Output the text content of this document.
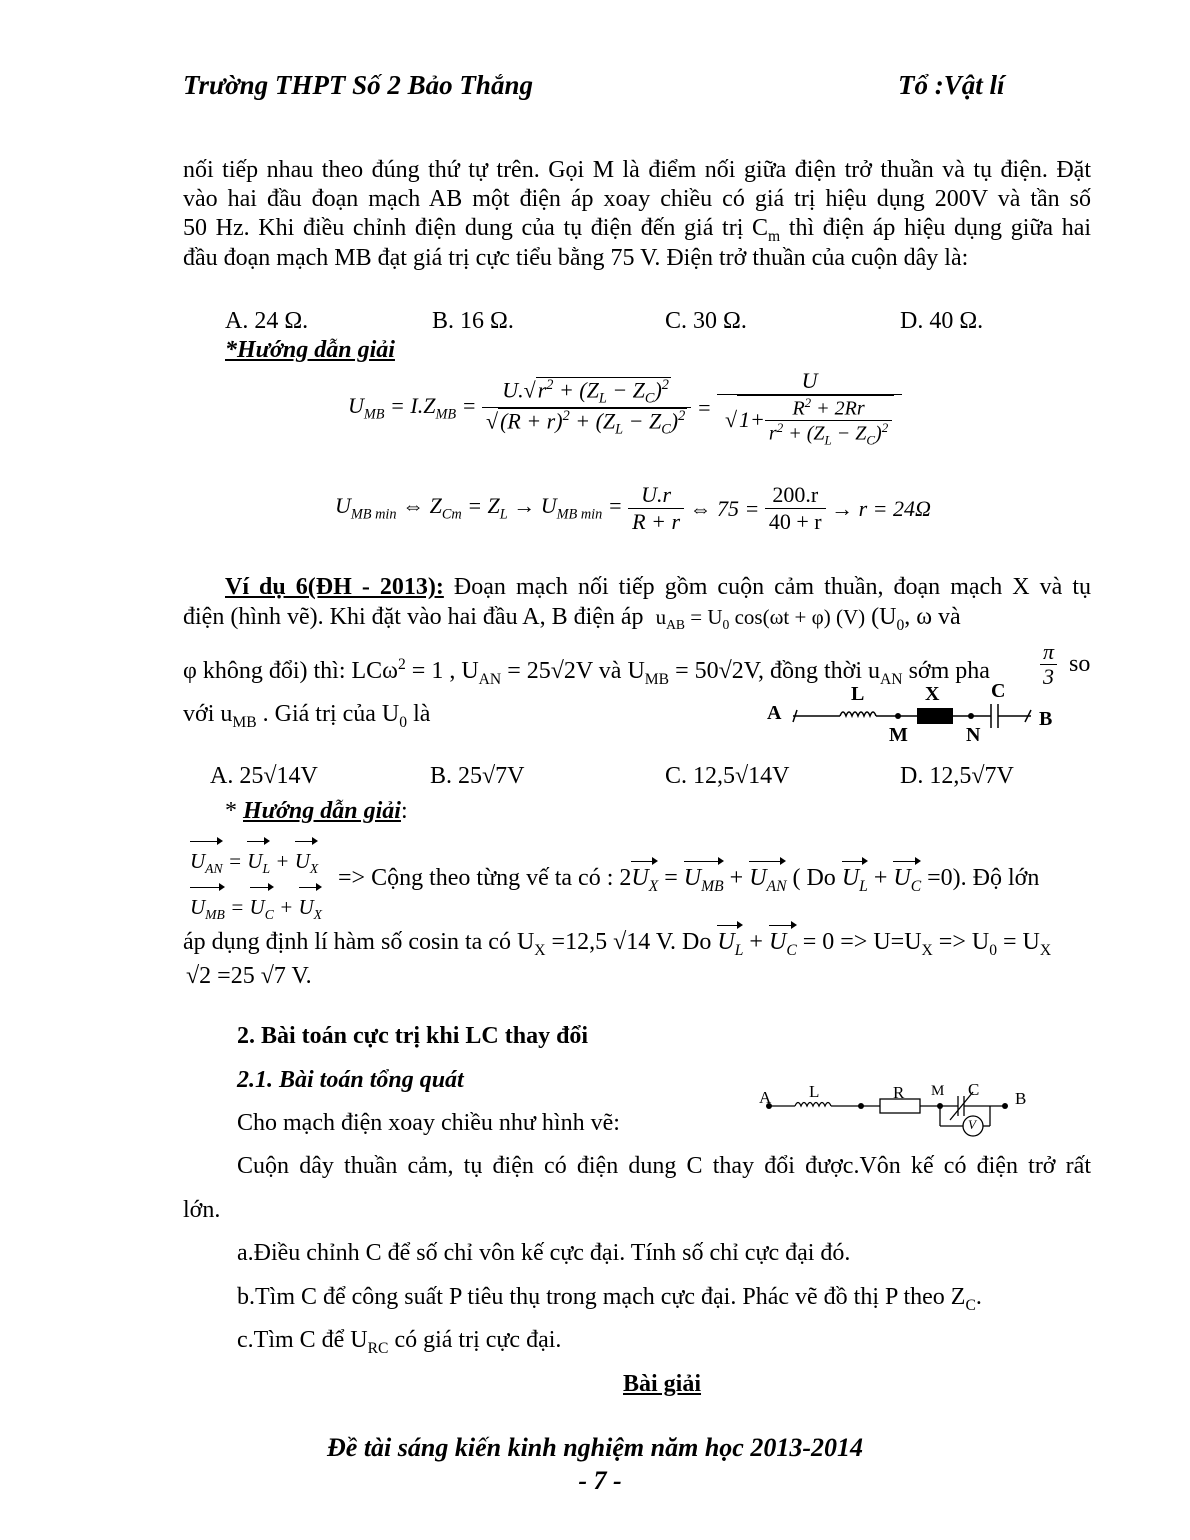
Trường THPT Số 2 Bảo Thắng	Tổ :Vật lí
nối tiếp nhau theo đúng thứ tự trên. Gọi M là điểm nối giữa điện trở thuần và tụ điện. Đặt
vào hai đầu đoạn mạch AB một điện áp xoay chiều có giá trị hiệu dụng 200V và tần số
50 Hz. Khi điều chỉnh điện dung của tụ điện đến giá trị $C_m$ thì điện áp hiệu dụng giữa hai
đầu đoạn mạch MB đạt giá trị cực tiểu bằng 75 V. Điện trở thuần của cuộn dây là:
A. 24 Ω.	B. 16 Ω.	C. 30 Ω.	D. 40 Ω.
*Hướng dẫn giải
$U_{MB} = I.Z_{MB} = \frac{U.√r^2 + (Z_L - Z_C)^2}{√(R + r)^2 + (Z_L - Z_C)^2} = \frac{U}{√1+ \frac{R^2 + 2Rr}{r^2 + (Z_L - Z_C)^2}}$
$U_{MB min}$ ⇔ $Z_{Cm} = Z_L \to U_{MB min} = \frac{U.r}{R + r}$ ⇔ $75 = \frac{200.r}{40 + r} \to r = 24\Omega$
Ví dụ 6(ĐH - 2013): Đoạn mạch nối tiếp gồm cuộn cảm thuần, đoạn mạch X và tụ
điện (hình vẽ). Khi đặt vào hai đầu A, B điện áp $u_{AB} = U_0$ cos(ωt + φ) (V) ($U_0$, ω và
φ không đổi) thì: LCω$^2$ = 1 , $U_{AN} = 25√2V$ và $U_{MB} = 50√2V$, đồng thời $u_{AN}$ sớm pha
π
3 so
với $u_{MB}$ . Giá trị của $U_0$ là	A
L	X	C
B
M	N
A. 25√14V	B. 25√7V	C. 12,5√14V	D. 12,5√7V
* Hướng dẫn giải:
$U_{AN} = U_L + U_X$
$U_{MB} = U_C + U_X$
=> Cộng theo từng vế ta có : $2U_X = U_{MB} + U_{AN}$ ( Do $U_L + U_C =0$). Độ lớn
áp dụng định lí hàm số cosin ta có $U_X =12,5$ √14 V. Do $U_L + U_C = 0 => U=U_X => U_0 = U_X$
√2 =25 √7 V.
2. Bài toán cực trị khi LC thay đổi
2.1. Bài toán tổng quát
A L	R M C B
V
Cho mạch điện xoay chiều như hình vẽ:
Cuộn dây thuần cảm, tụ điện có điện dung C thay đổi được.Vôn kế có điện trở rất
lớn.
a.Điều chỉnh C để số chỉ vôn kế cực đại. Tính số chỉ cực đại đó.
b.Tìm C để công suất P tiêu thụ trong mạch cực đại. Phác vẽ đồ thị P theo $Z_C$.
c.Tìm C để $U_{RC}$ có giá trị cực đại.
Bài giải
Đề tài sáng kiến kinh nghiệm năm học 2013-2014
- 7 -
